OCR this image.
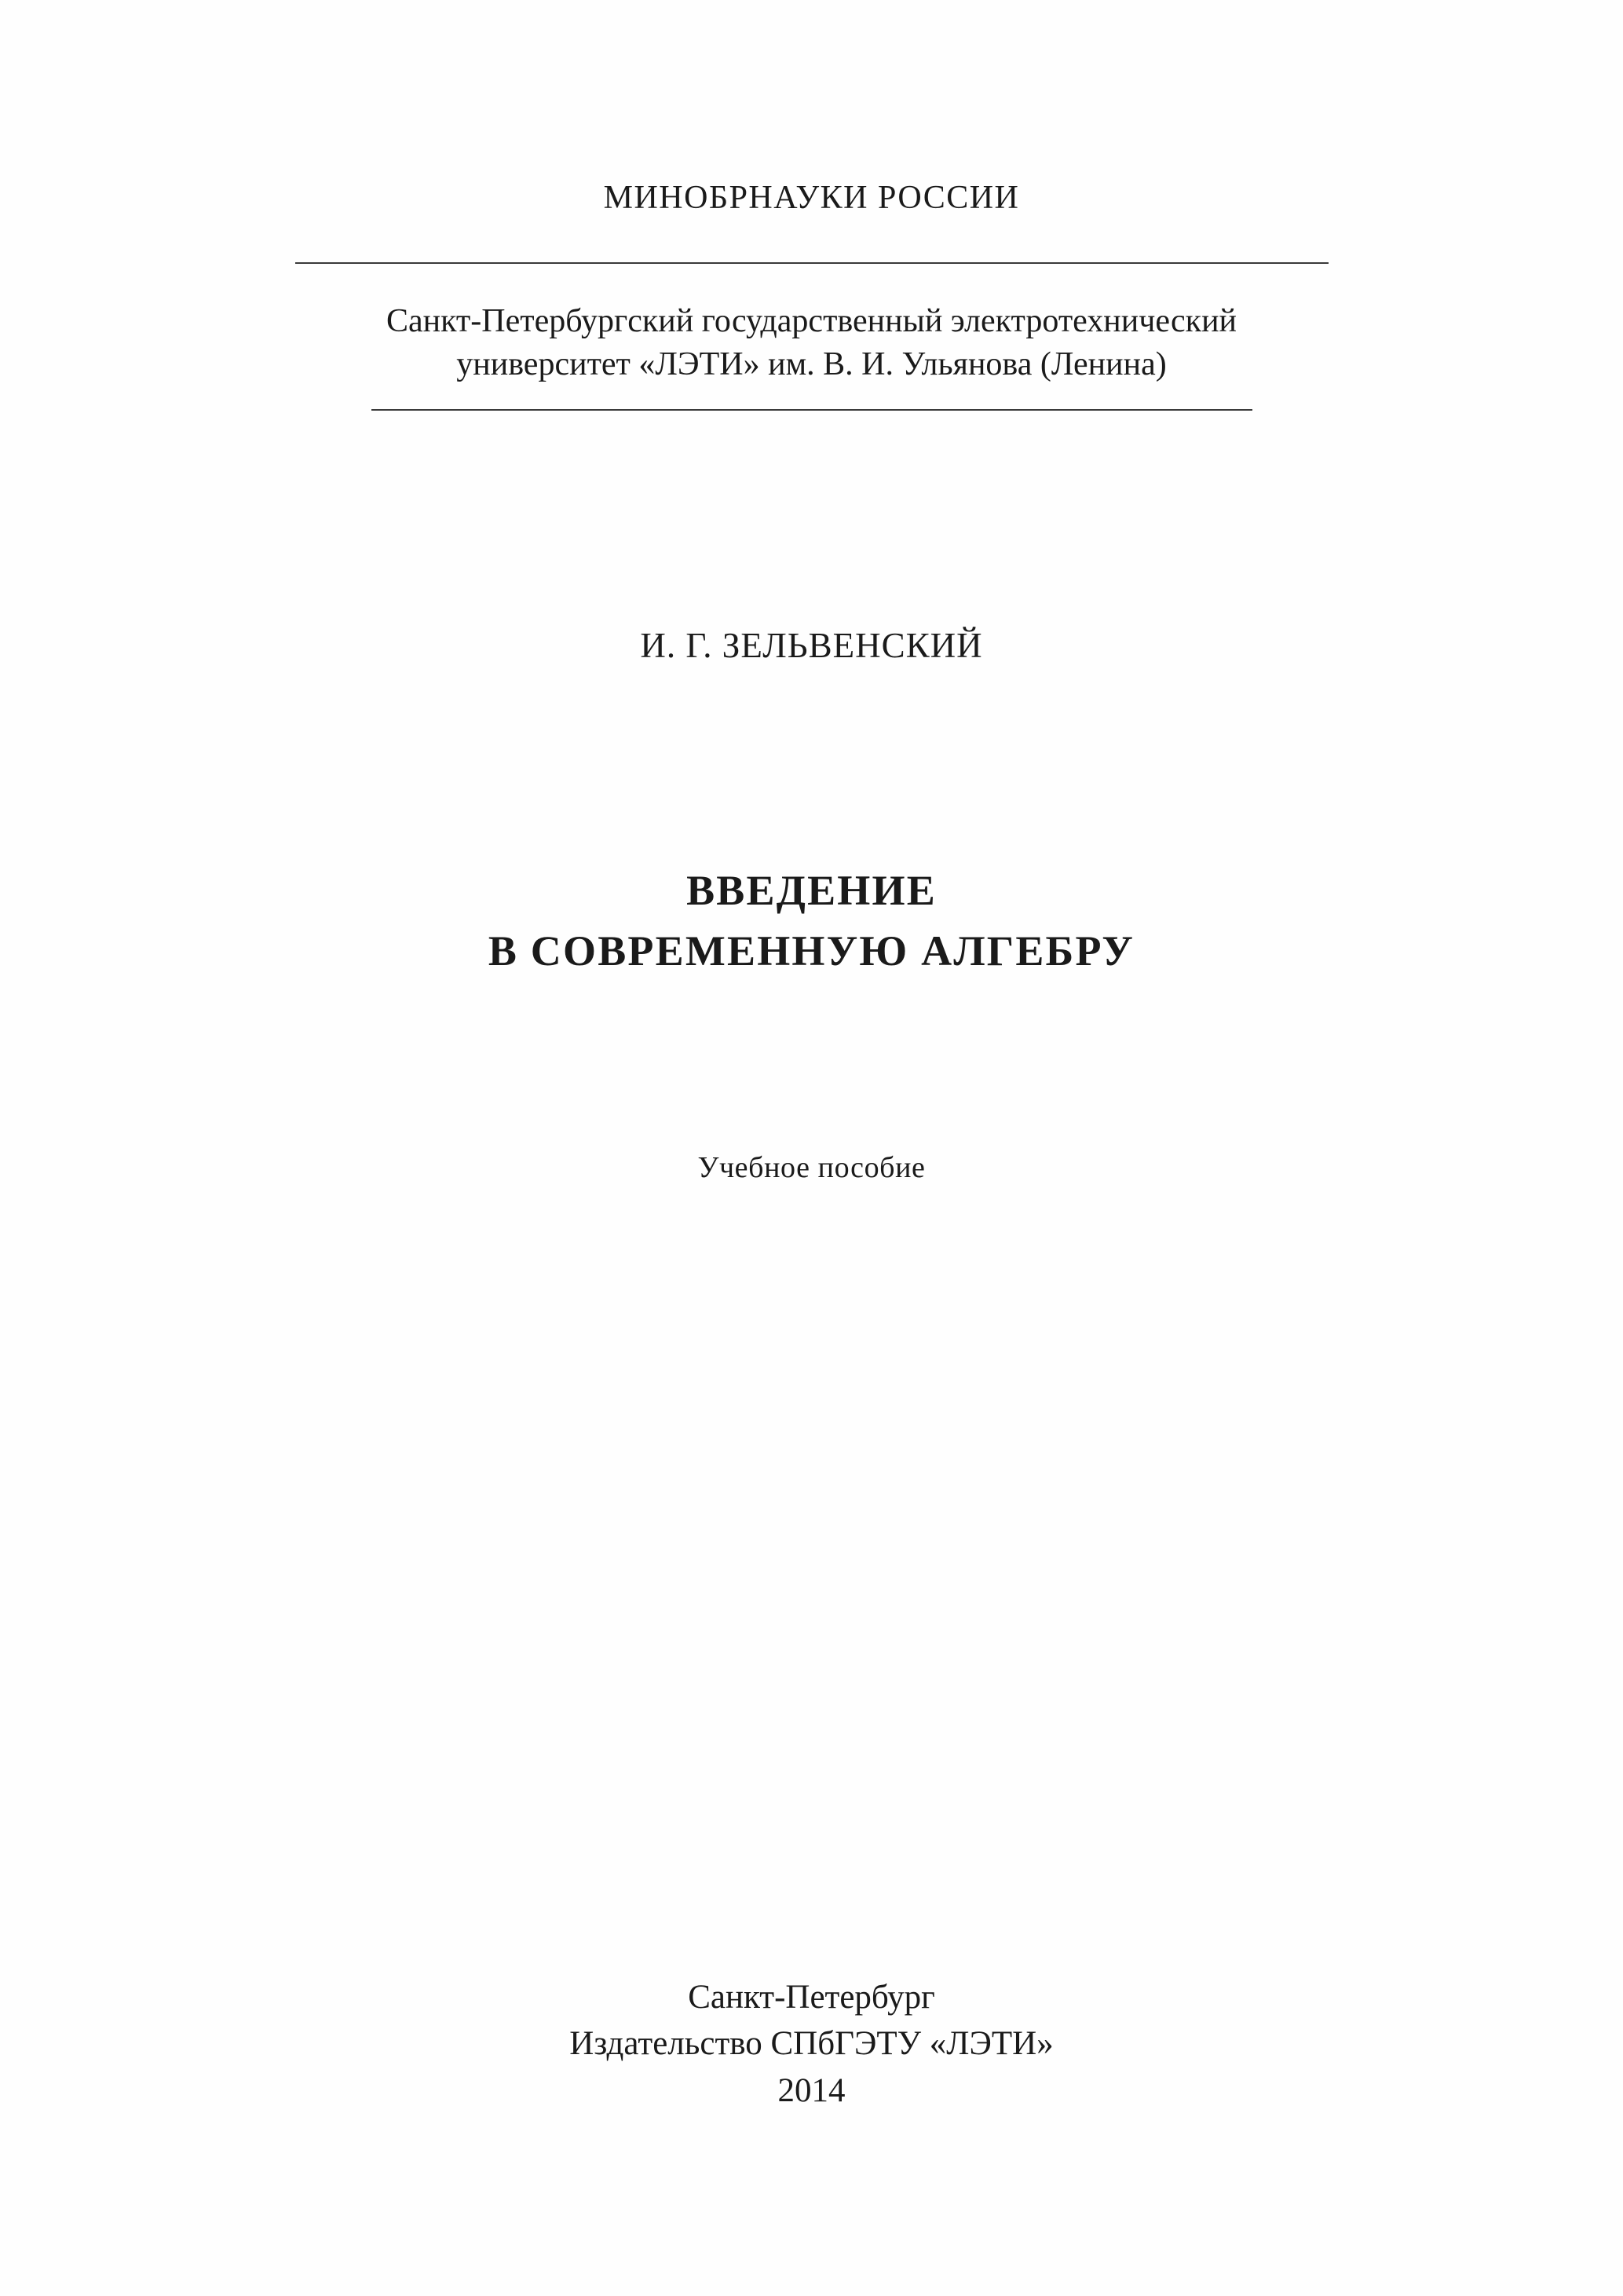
МИНОБРНАУКИ РОССИИ
Санкт-Петербургский государственный электротехнический
университет «ЛЭТИ» им. В. И. Ульянова (Ленина)
И. Г. ЗЕЛЬВЕНСКИЙ
ВВЕДЕНИЕ
В СОВРЕМЕННУЮ АЛГЕБРУ
Учебное пособие
Санкт-Петербург
Издательство СПбГЭТУ «ЛЭТИ»
2014
